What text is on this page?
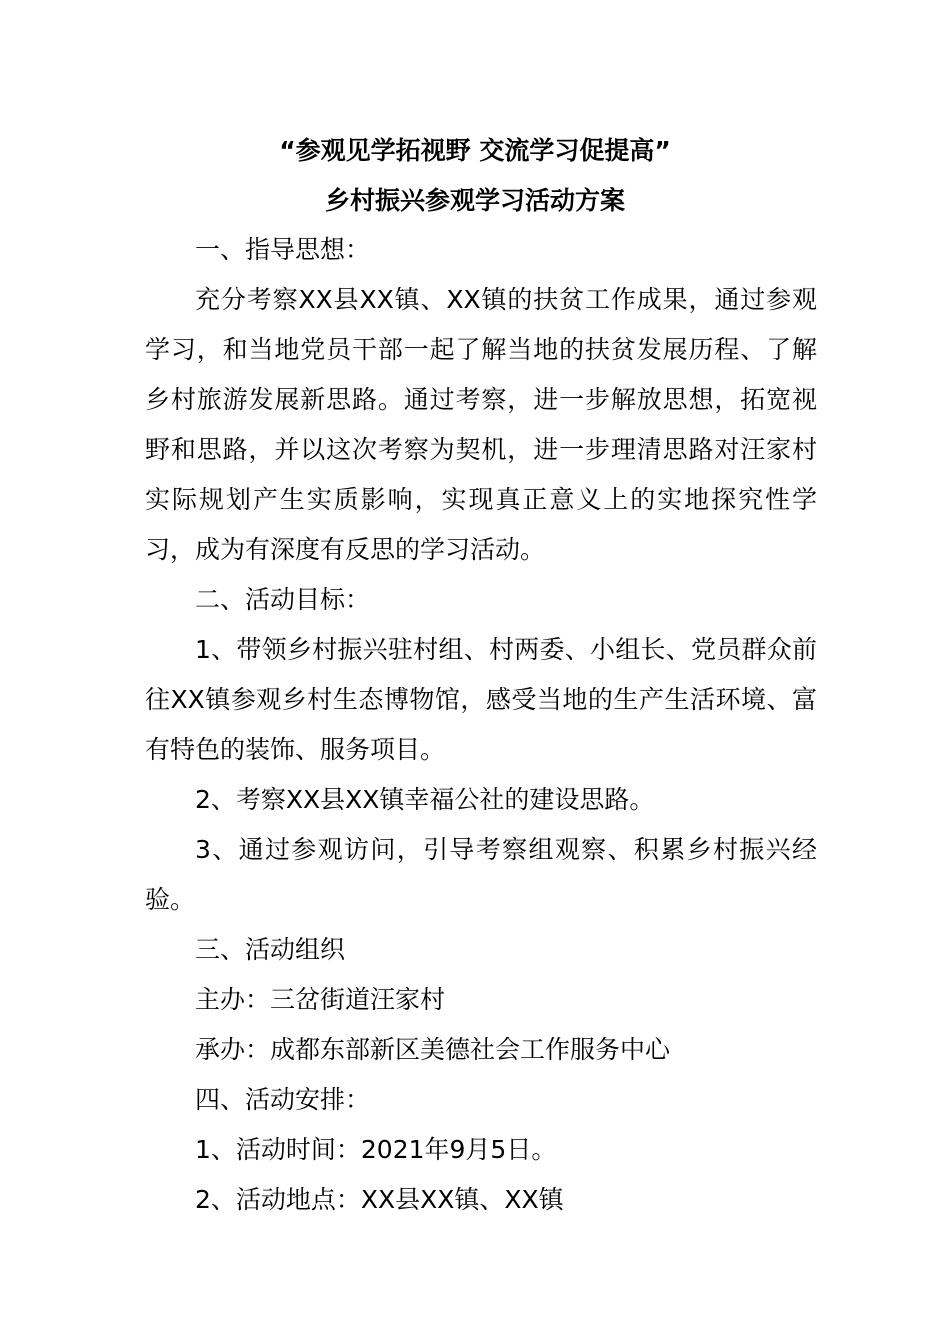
“参观见学拓视野 交流学习促提高”
乡村振兴参观学习活动方案

一、指导思想：

充分考察XX县XX镇、XX镇的扶贫工作成果，通过参观学习，和当地党员干部一起了解当地的扶贫发展历程、了解乡村旅游发展新思路。通过考察，进一步解放思想，拓宽视野和思路，并以这次考察为契机，进一步理清思路对汪家村实际规划产生实质影响，实现真正意义上的实地探究性学习，成为有深度有反思的学习活动。

二、活动目标：

1、带领乡村振兴驻村组、村两委、小组长、党员群众前往XX镇参观乡村生态博物馆，感受当地的生产生活环境、富有特色的装饰、服务项目。

2、考察XX县XX镇幸福公社的建设思路。

3、通过参观访问，引导考察组观察、积累乡村振兴经验。

三、活动组织

主办：三岔街道汪家村

承办：成都东部新区美德社会工作服务中心

四、活动安排：

1、活动时间：2021年9月5日。

2、活动地点：XX县XX镇、XX镇
